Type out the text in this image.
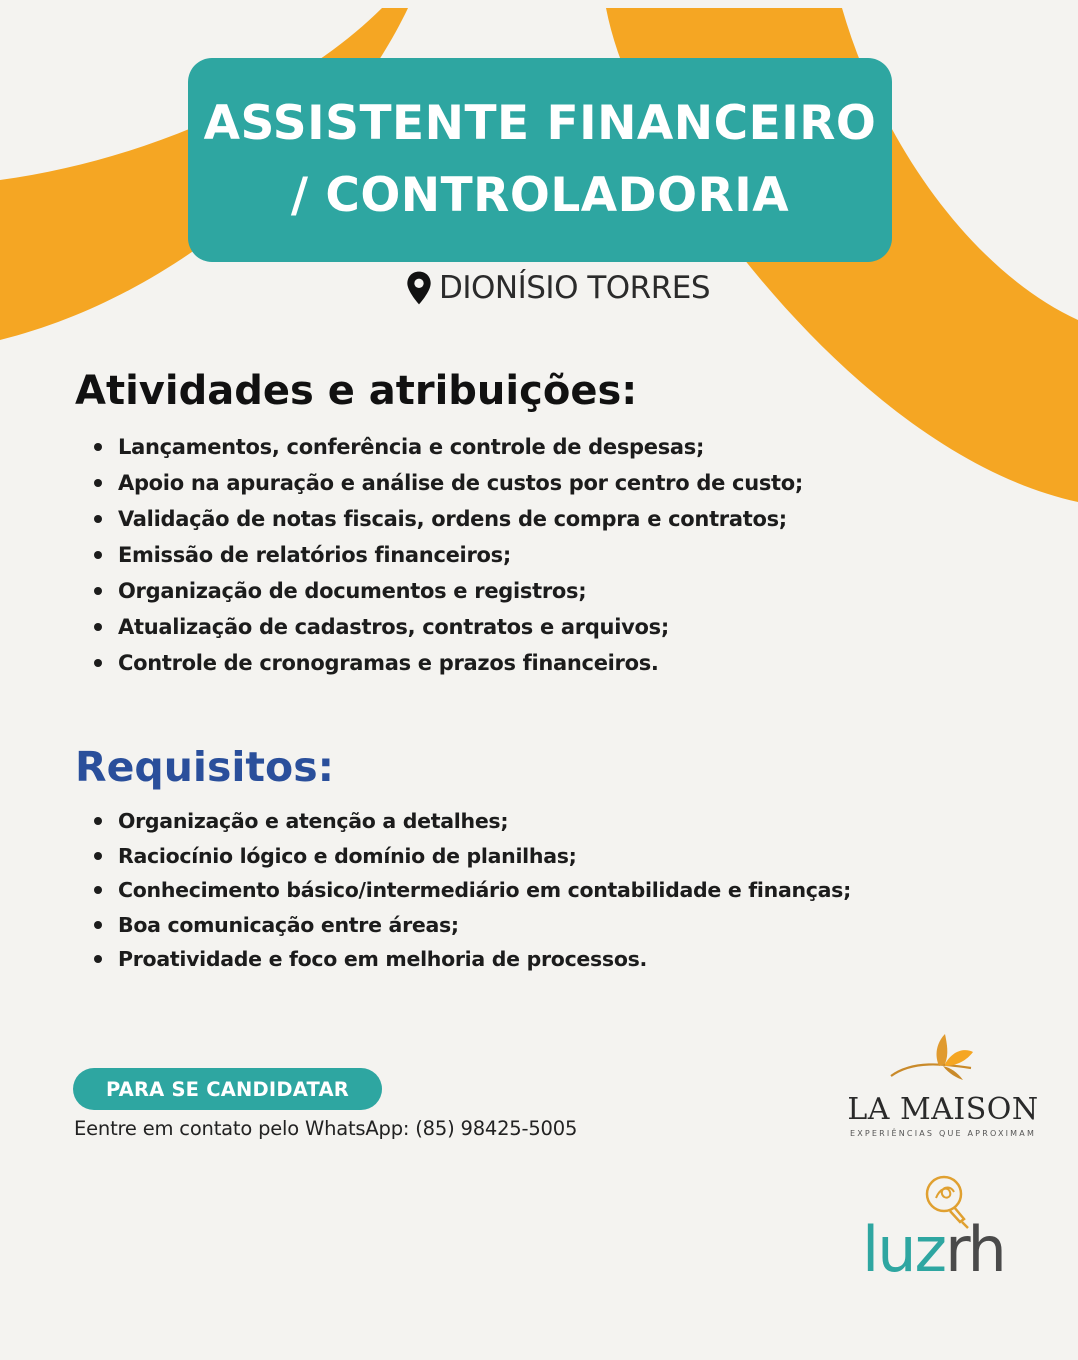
ASSISTENTE FINANCEIRO
/ CONTROLADORIA
DIONÍSIO TORRES
Atividades e atribuições:
Lançamentos, conferência e controle de despesas;
Apoio na apuração e análise de custos por centro de custo;
Validação de notas fiscais, ordens de compra e contratos;
Emissão de relatórios financeiros;
Organização de documentos e registros;
Atualização de cadastros, contratos e arquivos;
Controle de cronogramas e prazos financeiros.
Requisitos:
Organização e atenção a detalhes;
Raciocínio lógico e domínio de planilhas;
Conhecimento básico/intermediário em contabilidade e finanças;
Boa comunicação entre áreas;
Proatividade e foco em melhoria de processos.
PARA SE CANDIDATAR
Eentre em contato pelo WhatsApp: (85) 98425-5005
LA MAISON
EXPERIÊNCIAS QUE APROXIMAM
luzrh
